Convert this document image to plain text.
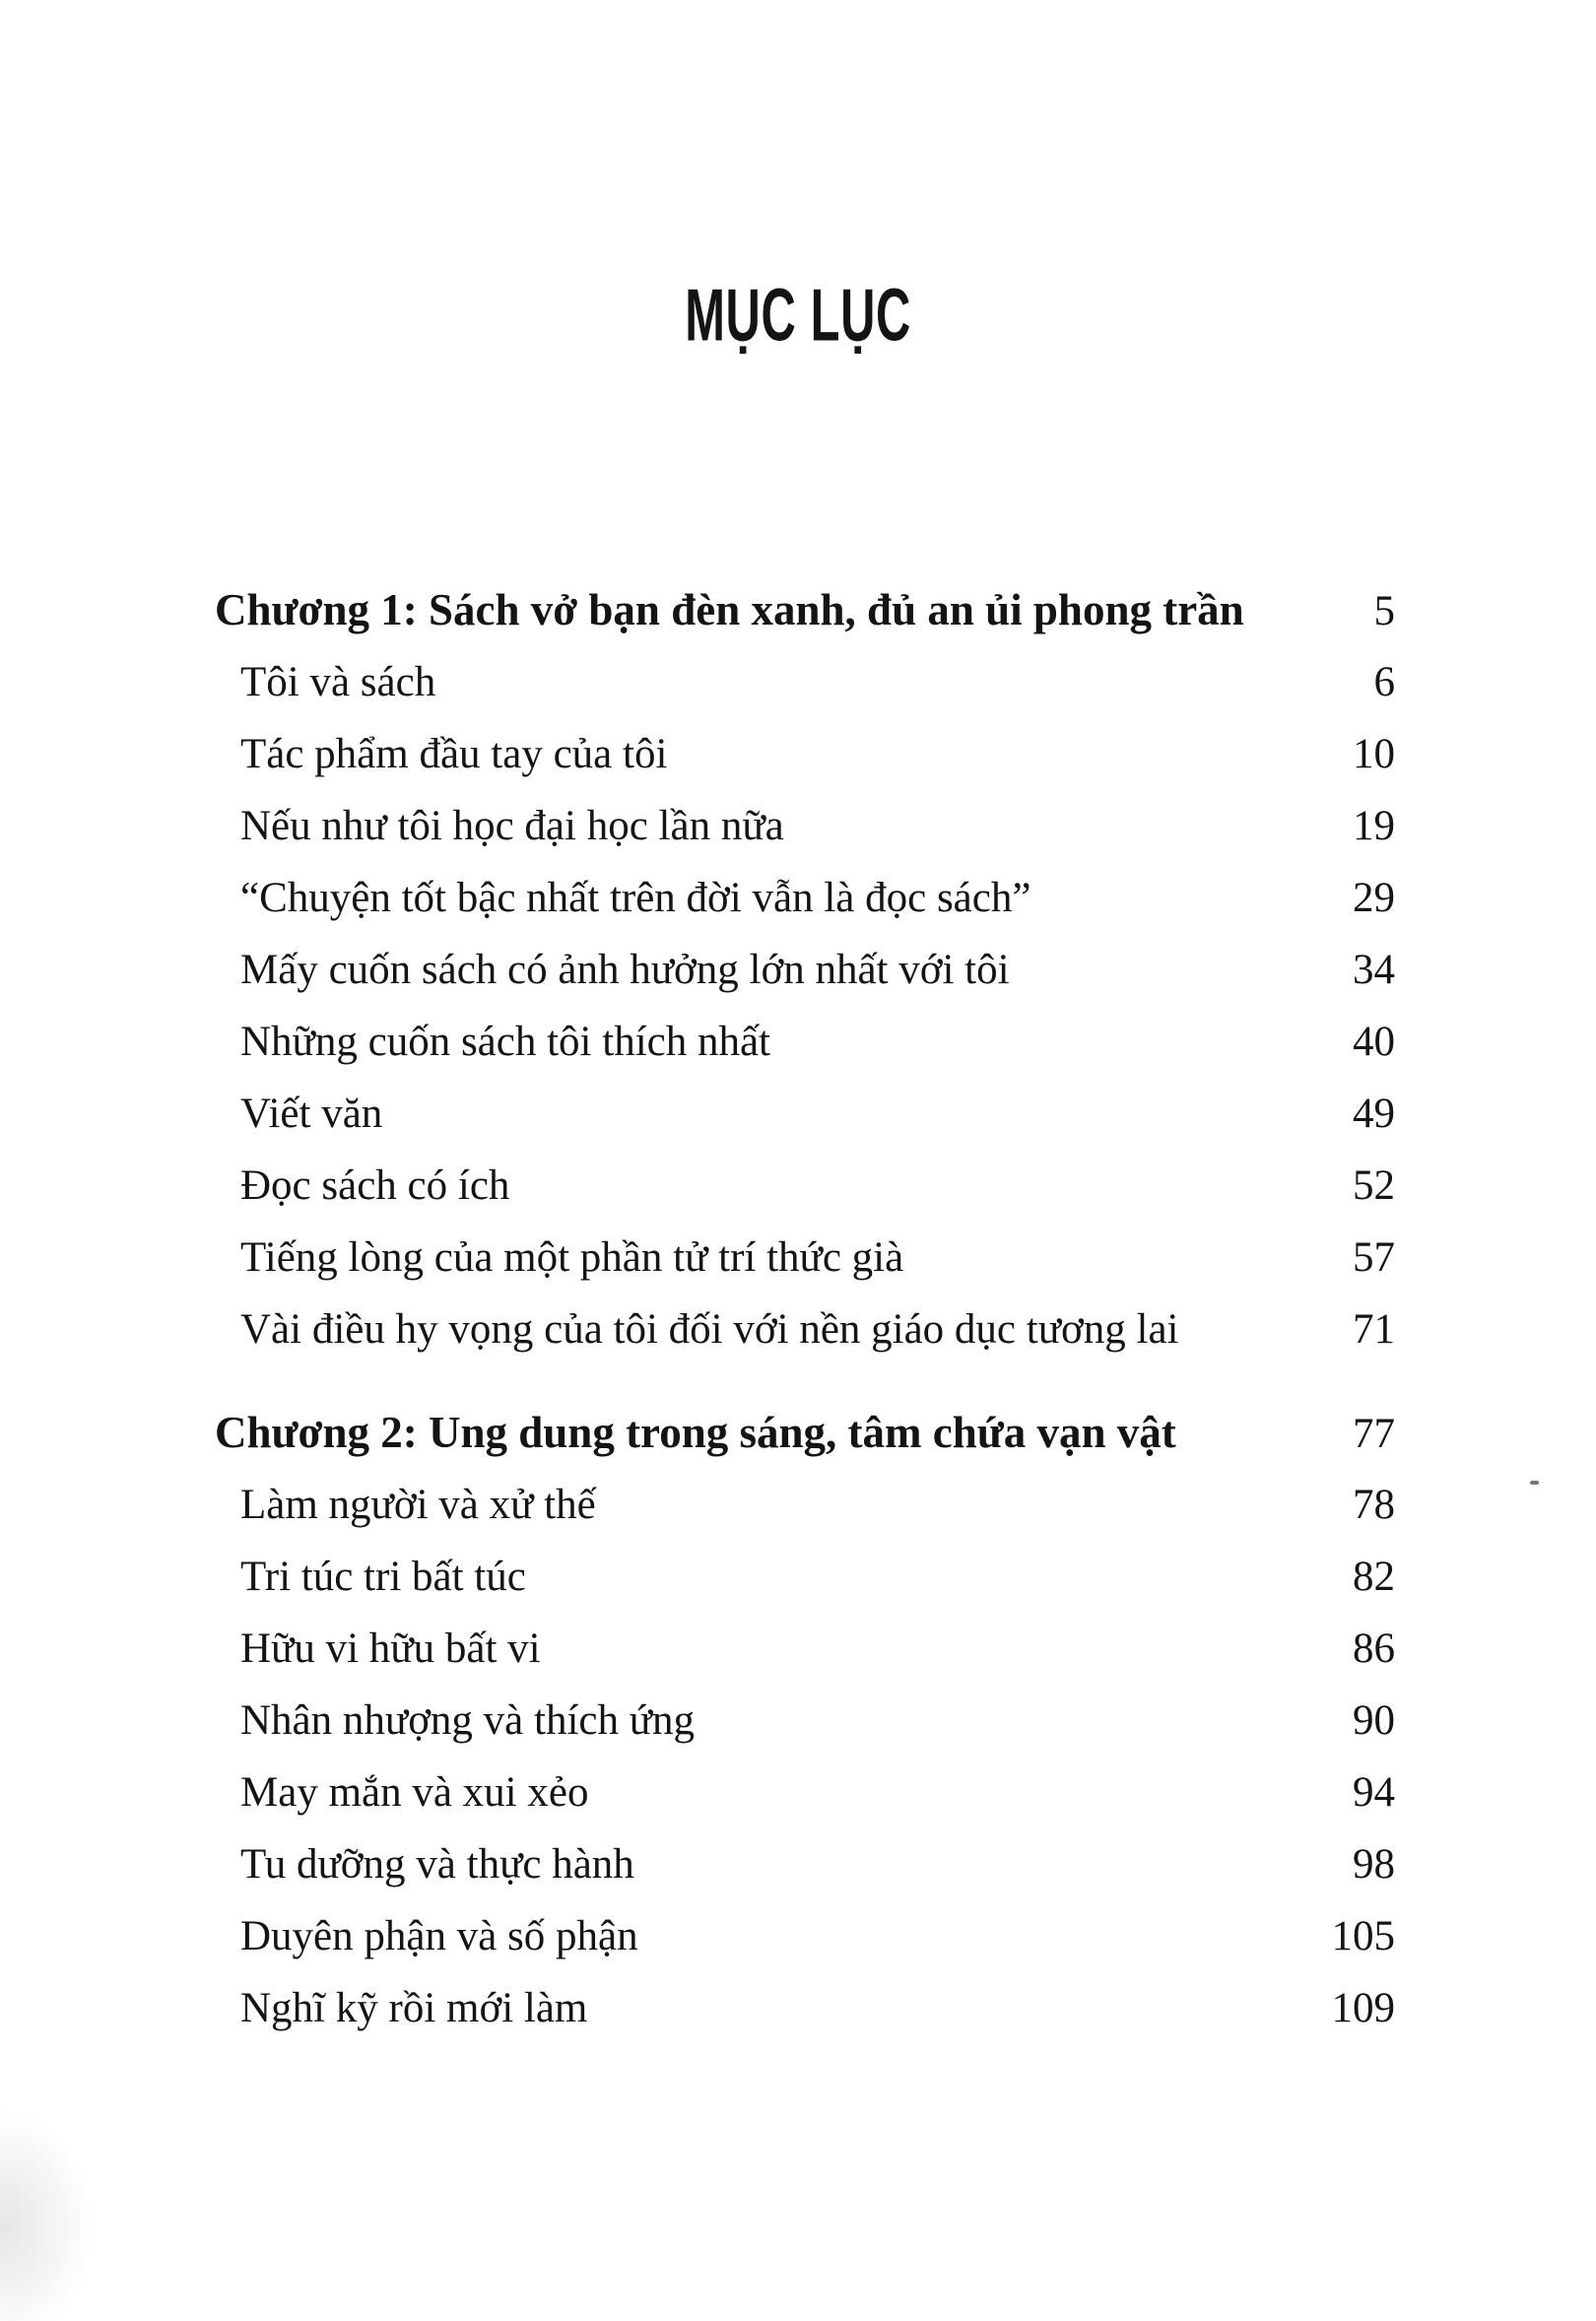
MỤC LỤC
Chương 1: Sách vở bạn đèn xanh, đủ an ủi phong trần	5
Tôi và sách	6
Tác phẩm đầu tay của tôi	10
Nếu như tôi học đại học lần nữa	19
“Chuyện tốt bậc nhất trên đời vẫn là đọc sách”	29
Mấy cuốn sách có ảnh hưởng lớn nhất với tôi	34
Những cuốn sách tôi thích nhất	40
Viết văn	49
Đọc sách có ích	52
Tiếng lòng của một phần tử trí thức già	57
Vài điều hy vọng của tôi đối với nền giáo dục tương lai	71
Chương 2: Ung dung trong sáng, tâm chứa vạn vật	77
Làm người và xử thế	78
Tri túc tri bất túc	82
Hữu vi hữu bất vi	86
Nhân nhượng và thích ứng	90
May mắn và xui xẻo	94
Tu dưỡng và thực hành	98
Duyên phận và số phận	105
Nghĩ kỹ rồi mới làm	109
